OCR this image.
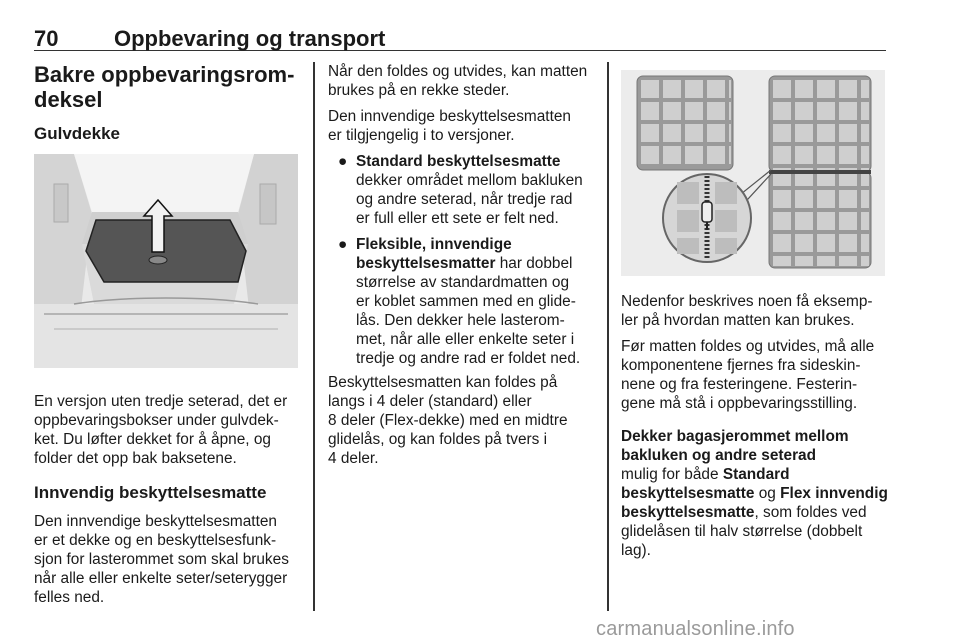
70	Oppbevaring og transport
Bakre oppbevaringsrom-
deksel
Gulvdekke

En versjon uten tredje seterad, det er
oppbevaringsbokser under gulvdek-
ket. Du løfter dekket for å åpne, og
folder det opp bak baksetene.

Innvendig beskyttelsesmatte

Den innvendige beskyttelsesmatten
er et dekke og en beskyttelsesfunk-
sjon for lasterommet som skal brukes
når alle eller enkelte seter/seterygger
felles ned.

Når den foldes og utvides, kan matten
brukes på en rekke steder.

Den innvendige beskyttelsesmatten
er tilgjengelig i to versjoner.

● Standard beskyttelsesmatte
dekker området mellom bakluken
og andre seterad, når tredje rad
er full eller ett sete er felt ned.
● Fleksible, innvendige
beskyttelsesmatter har dobbel
størrelse av standardmatten og
er koblet sammen med en glide-
lås. Den dekker hele lasterom-
met, når alle eller enkelte seter i
tredje og andre rad er foldet ned.

Beskyttelsesmatten kan foldes på
langs i 4 deler (standard) eller
8 deler (Flex-dekke) med en midtre
glidelås, og kan foldes på tvers i
4 deler.

Nedenfor beskrives noen få eksemp-
ler på hvordan matten kan brukes.

Før matten foldes og utvides, må alle
komponentene fjernes fra sideskin-
nene og fra festeringene. Festerin-
gene må stå i oppbevaringsstilling.

Dekker bagasjerommet mellom
bakluken og andre seterad

mulig for både Standard
beskyttelsesmatte og Flex innvendig
beskyttelsesmatte, som foldes ved
glidelåsen til halv størrelse (dobbelt
lag).

carmanualsonline.info
